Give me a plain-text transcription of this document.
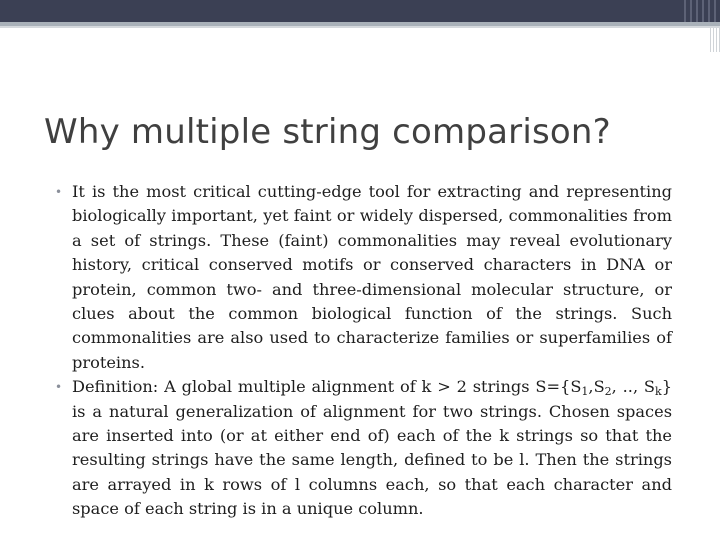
Why multiple string comparison?
• It is the most critical cutting-edge tool for extracting and representing biologically important, yet faint or widely dispersed, commonalities from a set of strings. These (faint) commonalities may reveal evolutionary history, critical conserved motifs or conserved characters in DNA or protein, common two- and three-dimensional molecular structure, or clues about the common biological function of the strings. Such commonalities are also used to characterize families or superfamilies of proteins.
• Definition: A global multiple alignment of k > 2 strings $S=\{S_1,S_2$, .., $S_k$} is a natural generalization of alignment for two strings. Chosen spaces are inserted into (or at either end of) each of the k strings so that the resulting strings have the same length, defined to be l. Then the strings are arrayed in k rows of l columns each, so that each character and space of each string is in a unique column.
